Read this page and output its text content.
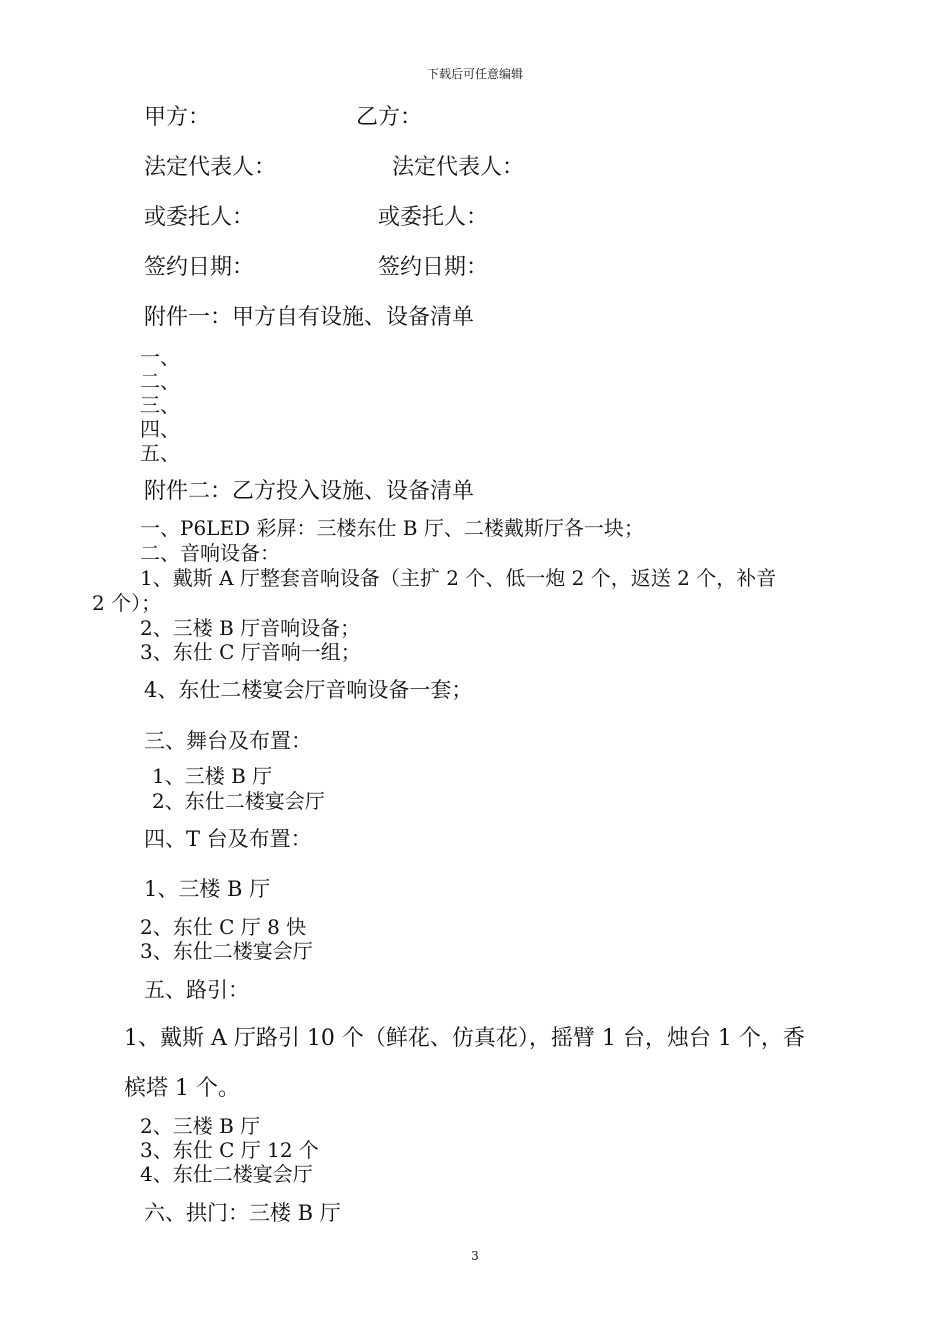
下载后可任意编辑
甲方：	乙方：
法定代表人：	法定代表人：
或委托人：	或委托人：
签约日期：	签约日期：
附件一：甲方自有设施、设备清单
一、
二、
三、
四、
五、
附件二：乙方投入设施、设备清单
一、P6LED 彩屏：三楼东仕 B 厅、二楼戴斯厅各一块；
二、音响设备：
1、戴斯 A 厅整套音响设备（主扩 2 个、低一炮 2 个，返送 2 个，补音
2 个）；
2、三楼 B 厅音响设备；
3、东仕 C 厅音响一组；
4、东仕二楼宴会厅音响设备一套；
三、舞台及布置：
1、三楼 B 厅
2、东仕二楼宴会厅
四、T 台及布置：
1、三楼 B 厅
2、东仕 C 厅 8 快
3、东仕二楼宴会厅
五、路引：
1、戴斯 A 厅路引 10 个（鲜花、仿真花），摇臂 1 台，烛台 1 个，香
槟塔 1 个。
2、三楼 B 厅
3、东仕 C 厅 12 个
4、东仕二楼宴会厅
六、拱门：三楼 B 厅
3
